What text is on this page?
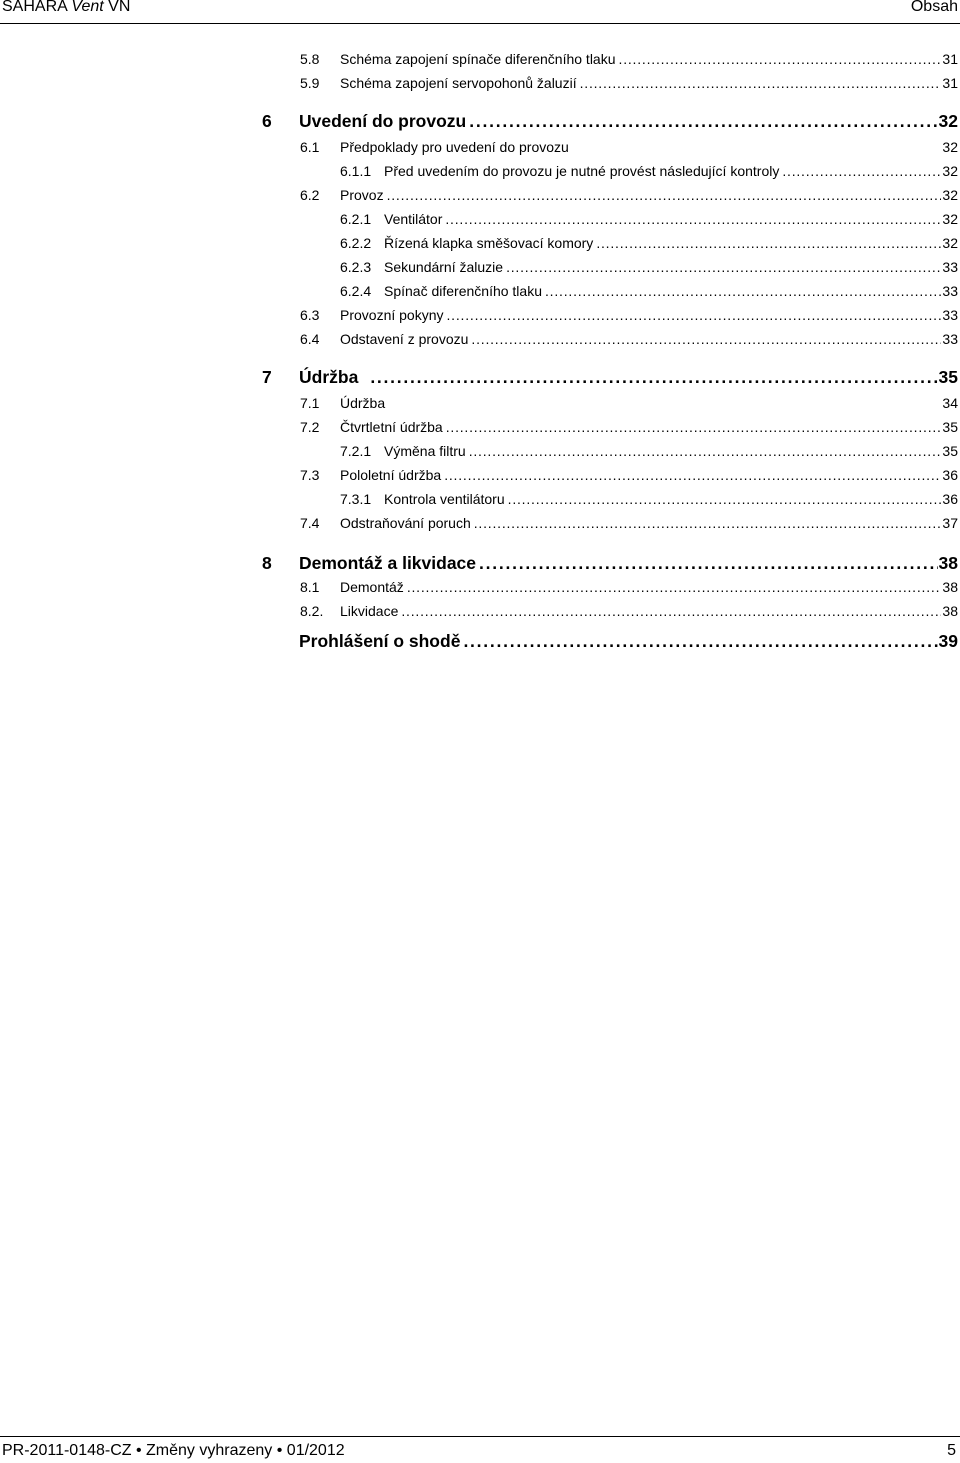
SAHARA Vent VN	Obsah
5.8	Schéma zapojení spínače diferenčního tlaku . . .	31
5.9	Schéma zapojení servopohonů žaluzií . . .	31
6	Uvedení do provozu . . .	32
6.1	Předpoklady pro uvedení do provozu	32
6.1.1 Před uvedením do provozu je nutné provést následující kontroly . . .	32
6.2	Provoz . . .	32
6.2.1 Ventilátor . . .	32
6.2.2 Řízená klapka směšovací komory . . .	32
6.2.3 Sekundární žaluzie . . .	33
6.2.4 Spínač diferenčního tlaku . . .	33
6.3	Provozní pokyny . . .	33
6.4	Odstavení z provozu . . .	33
7	Údržba . . .	35
7.1	Údržba	34
7.2	Čtvrtletní údržba . . .	35
7.2.1 Výměna filtru . . .	35
7.3	Pololetní údržba . . .	36
7.3.1 Kontrola ventilátoru . . .	36
7.4	Odstraňování poruch . . .	37
8	Demontáž a likvidace . . .	38
8.1	Demontáž . . .	38
8.2.	Likvidace . . .	38
Prohlášení o shodě . . .	39
PR-2011-0148-CZ • Změny vyhrazeny • 01/2012	5
